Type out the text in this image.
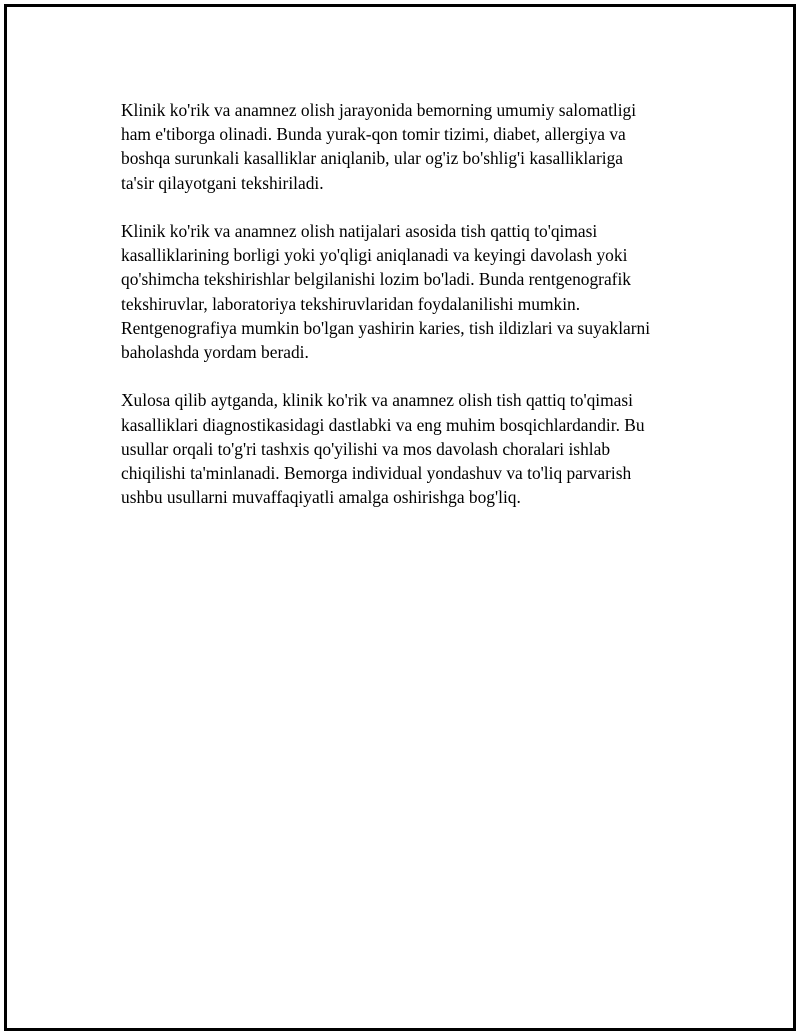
Klinik ko'rik va anamnez olish jarayonida bemorning umumiy salomatligi
ham e'tiborga olinadi. Bunda yurak-qon tomir tizimi, diabet, allergiya va
boshqa surunkali kasalliklar aniqlanib, ular og'iz bo'shlig'i kasalliklariga
ta'sir qilayotgani tekshiriladi.

Klinik ko'rik va anamnez olish natijalari asosida tish qattiq to'qimasi
kasalliklarining borligi yoki yo'qligi aniqlanadi va keyingi davolash yoki
qo'shimcha tekshirishlar belgilanishi lozim bo'ladi. Bunda rentgenografik
tekshiruvlar, laboratoriya tekshiruvlaridan foydalanilishi mumkin.
Rentgenografiya mumkin bo'lgan yashirin karies, tish ildizlari va suyaklarni
baholashda yordam beradi.

Xulosa qilib aytganda, klinik ko'rik va anamnez olish tish qattiq to'qimasi
kasalliklari diagnostikasidagi dastlabki va eng muhim bosqichlardandir. Bu
usullar orqali to'g'ri tashxis qo'yilishi va mos davolash choralari ishlab
chiqilishi ta'minlanadi. Bemorga individual yondashuv va to'liq parvarish
ushbu usullarni muvaffaqiyatli amalga oshirishga bog'liq.
